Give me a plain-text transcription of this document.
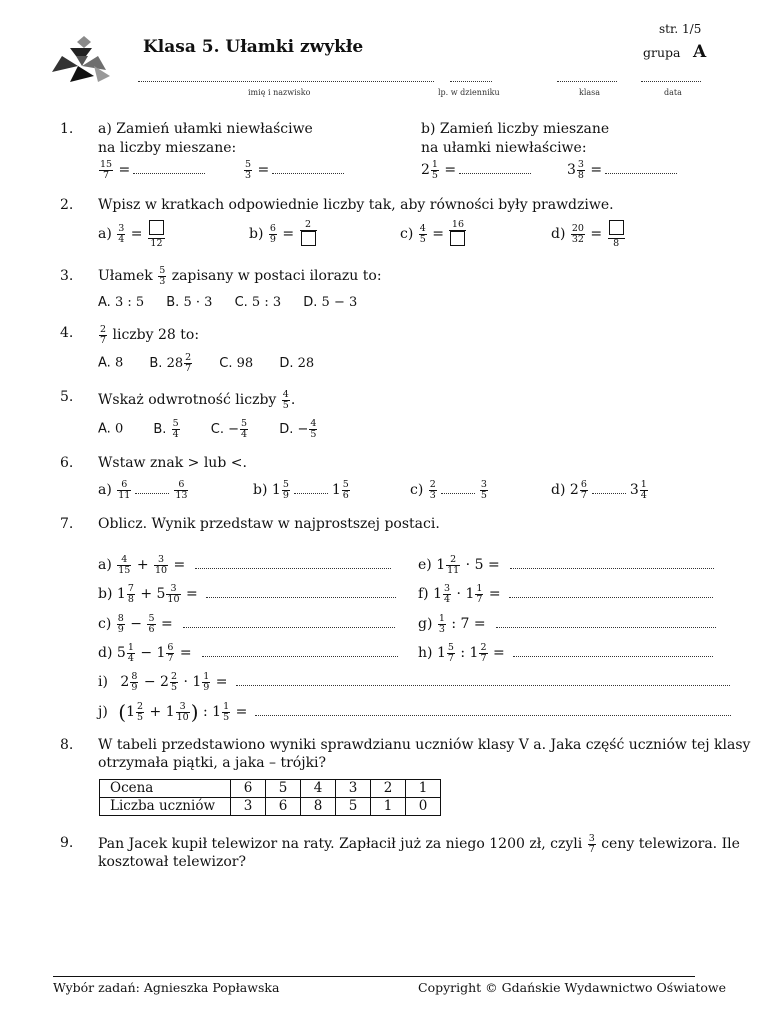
Klasa 5. Ułamki zwykłe
str. 1/5
grupa A
imię i nazwisko	lp. w dzienniku	klasa	data
1. a) Zamień ułamki niewłaściwe
na liczby mieszane:
b) Zamień liczby mieszane
na ułamki niewłaściwe:
$\frac{15}{7}$ =	$\frac{5}{3}$ =	$2 \frac{1}{5}$ =	$3 \frac{3}{8}$ =
2. Wpisz w kratkach odpowiednie liczby tak, aby równości były prawdziwe.
$a) \frac{3}{4}$ =
12
$b) \frac{6}{9}$ =
2
$c) \frac{4}{5}$ =
16
$d) \frac{20}{32}$ =
8
3. Ułamek $\frac{5}{3}$ zapisany w postaci ilorazu to:
A. 3 : 5 B. 5 · 3 C. 5 : 3 D. 5 − 3
4.	$\frac{2}{7}$ liczby 28 to:
A. 8 B. $28 \frac{2}{7} C$. 98 D. 28
5. Wskaż odwrotność liczby $\frac{4}{5}$ .
A. 0 B. $\frac{5}{4} C$. − $\frac{5}{4} D$. − $\frac{4}{5}$
6. Wstaw znak > lub <.
$a) \frac{6}{11}$	$\frac{6}{13}$	b) $1 \frac{5}{9}$	$1 \frac{5}{6}$	$c) \frac{2}{3}$	$\frac{3}{5}$	d) $2 \frac{6}{7}$	$3 \frac{1}{4}$
7. Oblicz. Wynik przedstaw w najprostszej postaci.
$a) \frac{4}{15} + \frac{3}{10}$ =
b) $1 \frac{7}{8} + 5 \frac{3}{10}$ =
$c) \frac{8}{9} - \frac{5}{6}$ =
d) $5 \frac{1}{4} - 1 \frac{6}{7}$ =
e) $1 \frac{2}{11} \cdot 5$ =
f) $1 \frac{3}{4} \cdot 1 \frac{1}{7}$ =
$g) \frac{1}{3}$ : 7 =
h) $1 \frac{5}{7}$ : $1 \frac{2}{7}$ =
i) $2 \frac{8}{9} - 2 \frac{2}{5} \cdot 1 \frac{1}{9}$ =
j) ($1 \frac{2}{5} + 1 \frac{3}{10}$ ) : $1 \frac{1}{5}$ =
8. W tabeli przedstawiono wyniki sprawdzianu uczniów klasy V a. Jaka część uczniów tej klasy
otrzymała piątki, a jaka – trójki?
Ocena	6	5	4	3	2	1
Liczba uczniów	3	6	8	5	1	0
9. Pan Jacek kupił telewizor na raty. Zapłacił już za niego 1200 zł, czyli $\frac{3}{7}$ ceny telewizora. Ile
kosztował telewizor?
Wybór zadań: Agnieszka Popławska	Copyright © Gdańskie Wydawnictwo Oświatowe
